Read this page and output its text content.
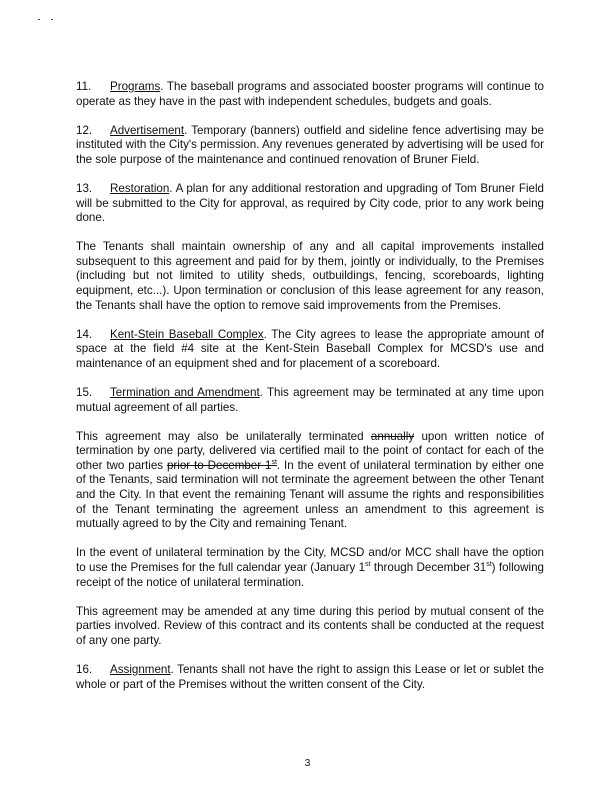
11. Programs. The baseball programs and associated booster programs will continue to operate as they have in the past with independent schedules, budgets and goals.

12. Advertisement. Temporary (banners) outfield and sideline fence advertising may be instituted with the City's permission. Any revenues generated by advertising will be used for the sole purpose of the maintenance and continued renovation of Bruner Field.

13. Restoration. A plan for any additional restoration and upgrading of Tom Bruner Field will be submitted to the City for approval, as required by City code, prior to any work being done.

The Tenants shall maintain ownership of any and all capital improvements installed subsequent to this agreement and paid for by them, jointly or individually, to the Premises (including but not limited to utility sheds, outbuildings, fencing, scoreboards, lighting equipment, etc...). Upon termination or conclusion of this lease agreement for any reason, the Tenants shall have the option to remove said improvements from the Premises.

14. Kent-Stein Baseball Complex. The City agrees to lease the appropriate amount of space at the field #4 site at the Kent-Stein Baseball Complex for MCSD's use and maintenance of an equipment shed and for placement of a scoreboard.

15. Termination and Amendment. This agreement may be terminated at any time upon mutual agreement of all parties.

This agreement may also be unilaterally terminated annually upon written notice of termination by one party, delivered via certified mail to the point of contact for each of the other two parties prior to December 1st. In the event of unilateral termination by either one of the Tenants, said termination will not terminate the agreement between the other Tenant and the City. In that event the remaining Tenant will assume the rights and responsibilities of the Tenant terminating the agreement unless an amendment to this agreement is mutually agreed to by the City and remaining Tenant.

In the event of unilateral termination by the City, MCSD and/or MCC shall have the option to use the Premises for the full calendar year (January 1st through December 31st) following receipt of the notice of unilateral termination.

This agreement may be amended at any time during this period by mutual consent of the parties involved. Review of this contract and its contents shall be conducted at the request of any one party.

16. Assignment. Tenants shall not have the right to assign this Lease or let or sublet the whole or part of the Premises without the written consent of the City.

3
